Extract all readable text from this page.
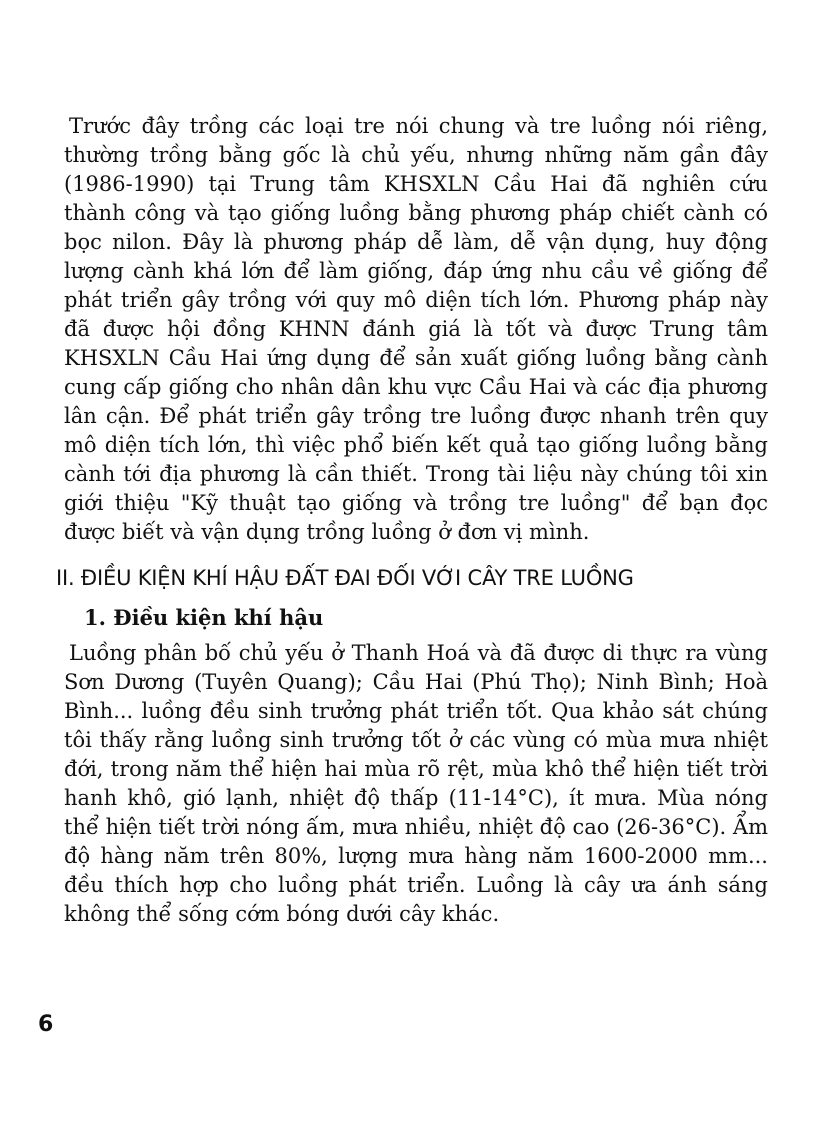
Trước đây trồng các loại tre nói chung và tre luồng nói riêng, thường trồng bằng gốc là chủ yếu, nhưng những năm gần đây (1986-1990) tại Trung tâm KHSXLN Cầu Hai đã nghiên cứu thành công và tạo giống luồng bằng phương pháp chiết cành có bọc nilon. Đây là phương pháp dễ làm, dễ vận dụng, huy động lượng cành khá lớn để làm giống, đáp ứng nhu cầu về giống để phát triển gây trồng với quy mô diện tích lớn. Phương pháp này đã được hội đồng KHNN đánh giá là tốt và được Trung tâm KHSXLN Cầu Hai ứng dụng để sản xuất giống luồng bằng cành cung cấp giống cho nhân dân khu vực Cầu Hai và các địa phương lân cận. Để phát triển gây trồng tre luồng được nhanh trên quy mô diện tích lớn, thì việc phổ biến kết quả tạo giống luồng bằng cành tới địa phương là cần thiết. Trong tài liệu này chúng tôi xin giới thiệu "Kỹ thuật tạo giống và trồng tre luồng" để bạn đọc được biết và vận dụng trồng luồng ở đơn vị mình.

II. ĐIỀU KIỆN KHÍ HẬU ĐẤT ĐAI ĐỐI VỚI CÂY TRE LUỒNG
1. Điều kiện khí hậu

Luồng phân bố chủ yếu ở Thanh Hoá và đã được di thực ra vùng Sơn Dương (Tuyên Quang); Cầu Hai (Phú Thọ); Ninh Bình; Hoà Bình... luồng đều sinh trưởng phát triển tốt. Qua khảo sát chúng tôi thấy rằng luồng sinh trưởng tốt ở các vùng có mùa mưa nhiệt đới, trong năm thể hiện hai mùa rõ rệt, mùa khô thể hiện tiết trời hanh khô, gió lạnh, nhiệt độ thấp (11-14°C), ít mưa. Mùa nóng thể hiện tiết trời nóng ấm, mưa nhiều, nhiệt độ cao (26-36°C). Ẩm độ hàng năm trên 80%, lượng mưa hàng năm 1600-2000 mm... đều thích hợp cho luồng phát triển. Luồng là cây ưa ánh sáng không thể sống cớm bóng dưới cây khác.

6
